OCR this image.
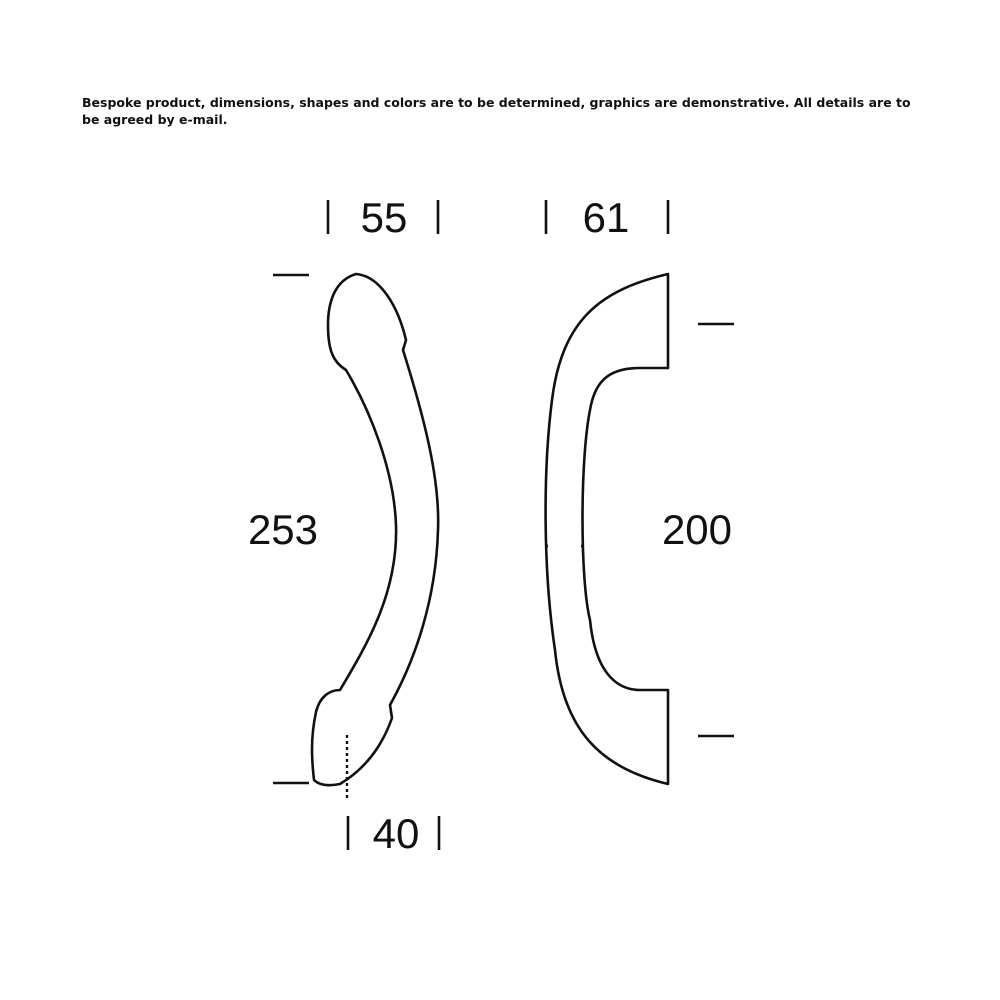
Bespoke product, dimensions, shapes and colors are to be determined, graphics are demonstrative. All details are to be agreed by e-mail.

55	61
253	200
40
